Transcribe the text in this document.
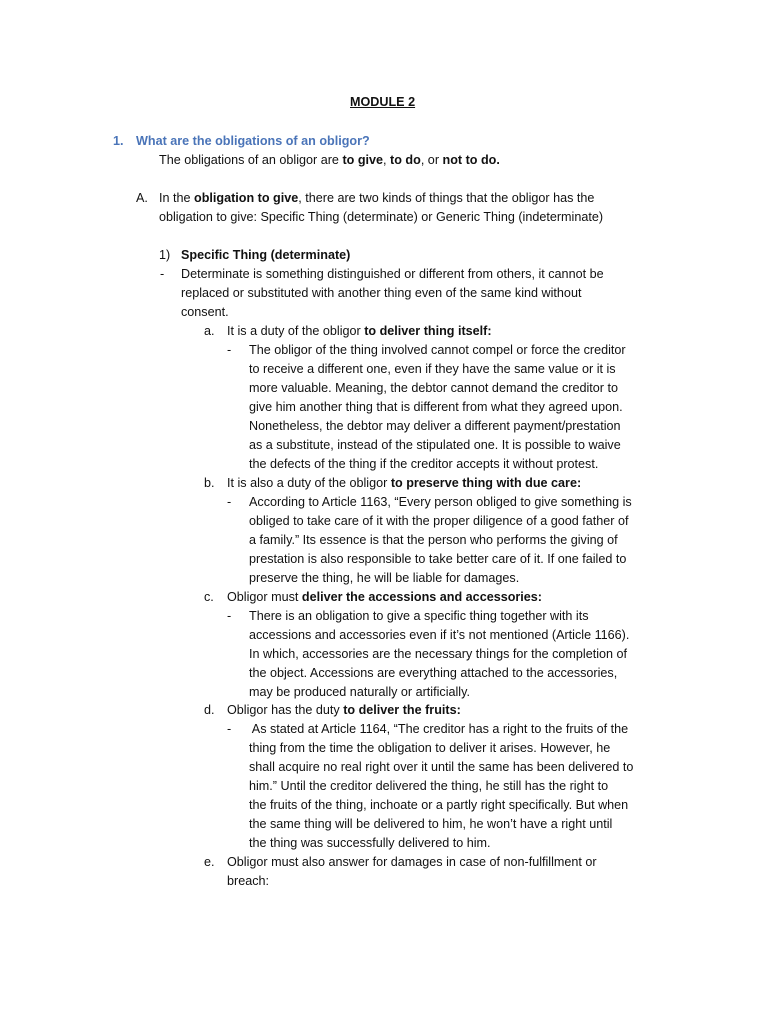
MODULE 2
1. What are the obligations of an obligor?
The obligations of an obligor are to give, to do, or not to do.
A. In the obligation to give, there are two kinds of things that the obligor has the
obligation to give: Specific Thing (determinate) or Generic Thing (indeterminate)
1) Specific Thing (determinate)
- Determinate is something distinguished or different from others, it cannot be
replaced or substituted with another thing even of the same kind without
consent.
a. It is a duty of the obligor to deliver thing itself:
- The obligor of the thing involved cannot compel or force the creditor
to receive a different one, even if they have the same value or it is
more valuable. Meaning, the debtor cannot demand the creditor to
give him another thing that is different from what they agreed upon.
Nonetheless, the debtor may deliver a different payment/prestation
as a substitute, instead of the stipulated one. It is possible to waive
the defects of the thing if the creditor accepts it without protest.
b. It is also a duty of the obligor to preserve thing with due care:
- According to Article 1163, “Every person obliged to give something is
obliged to take care of it with the proper diligence of a good father of
a family.” Its essence is that the person who performs the giving of
prestation is also responsible to take better care of it. If one failed to
preserve the thing, he will be liable for damages.
c. Obligor must deliver the accessions and accessories:
- There is an obligation to give a specific thing together with its
accessions and accessories even if it’s not mentioned (Article 1166).
In which, accessories are the necessary things for the completion of
the object. Accessions are everything attached to the accessories,
may be produced naturally or artificially.
d. Obligor has the duty to deliver the fruits:
- As stated at Article 1164, “The creditor has a right to the fruits of the
thing from the time the obligation to deliver it arises. However, he
shall acquire no real right over it until the same has been delivered to
him.” Until the creditor delivered the thing, he still has the right to
the fruits of the thing, inchoate or a partly right specifically. But when
the same thing will be delivered to him, he won’t have a right until
the thing was successfully delivered to him.
e. Obligor must also answer for damages in case of non-fulfillment or
breach:
